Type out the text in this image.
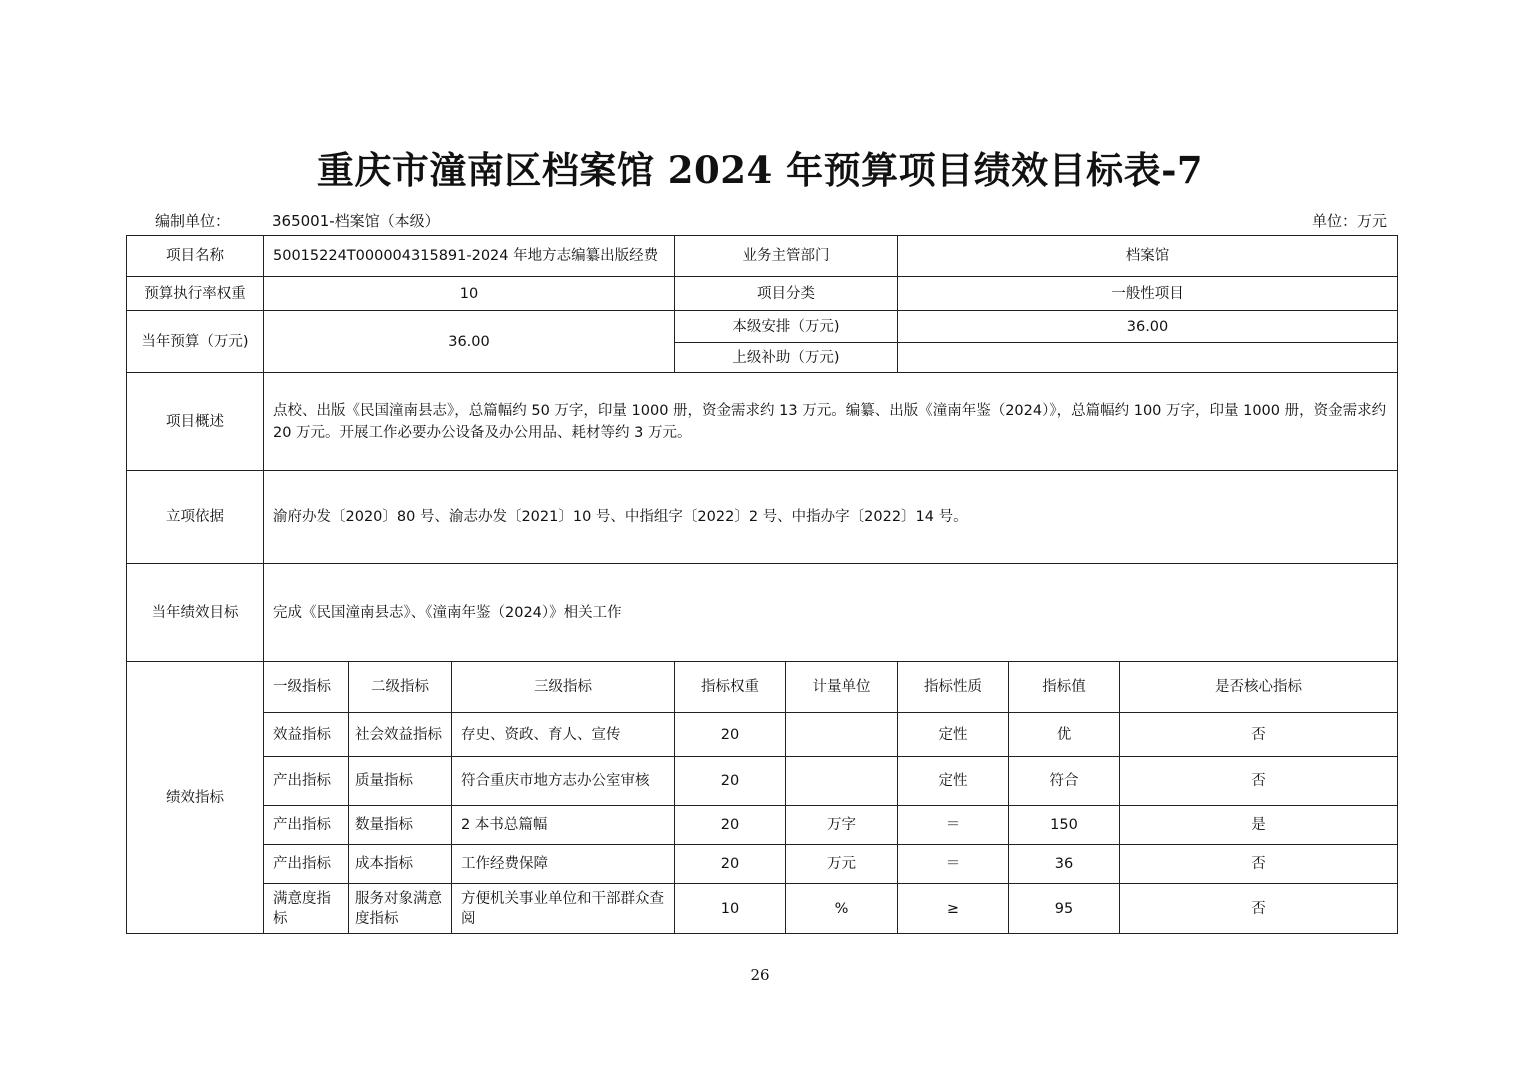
重庆市潼南区档案馆 2024 年预算项目绩效目标表-7
编制单位：	365001-档案馆（本级）	单位：万元
项目名称	50015224T000004315891-2024 年地方志编纂出版经费			业务主管部门		档案馆		
预算执行率权重	10			项目分类		一般性项目		
当年预算（万元)	36.00			本级安排（万元)		36.00		
				上级补助（万元)				
项目概述	点校、出版《民国潼南县志》，总篇幅约 50 万字，印量 1000 册，资金需求约 13 万元。编纂、出版《潼南年鉴（2024）》，总篇幅约 100 万字，印量 1000 册，资金需求约 20 万元。开展工作必要办公设备及办公用品、耗材等约 3 万元。							
立项依据	渝府办发〔2020〕80 号、渝志办发〔2021〕10 号、中指组字〔2022〕2 号、中指办字〔2022〕14 号。							
当年绩效目标	完成《民国潼南县志》、《潼南年鉴（2024）》相关工作							
绩效指标	一级指标	二级指标	三级指标	指标权重	计量单位	指标性质	指标值	是否核心指标
	效益指标	社会效益指标	存史、资政、育人、宣传	20		定性	优	否
	产出指标	质量指标	符合重庆市地方志办公室审核	20		定性	符合	否
	产出指标	数量指标	2 本书总篇幅	20	万字	＝	150	是
	产出指标	成本指标	工作经费保障	20	万元	＝	36	否
	满意度指标	服务对象满意度指标	方便机关事业单位和干部群众查阅	10	%	≥	95	否
26
